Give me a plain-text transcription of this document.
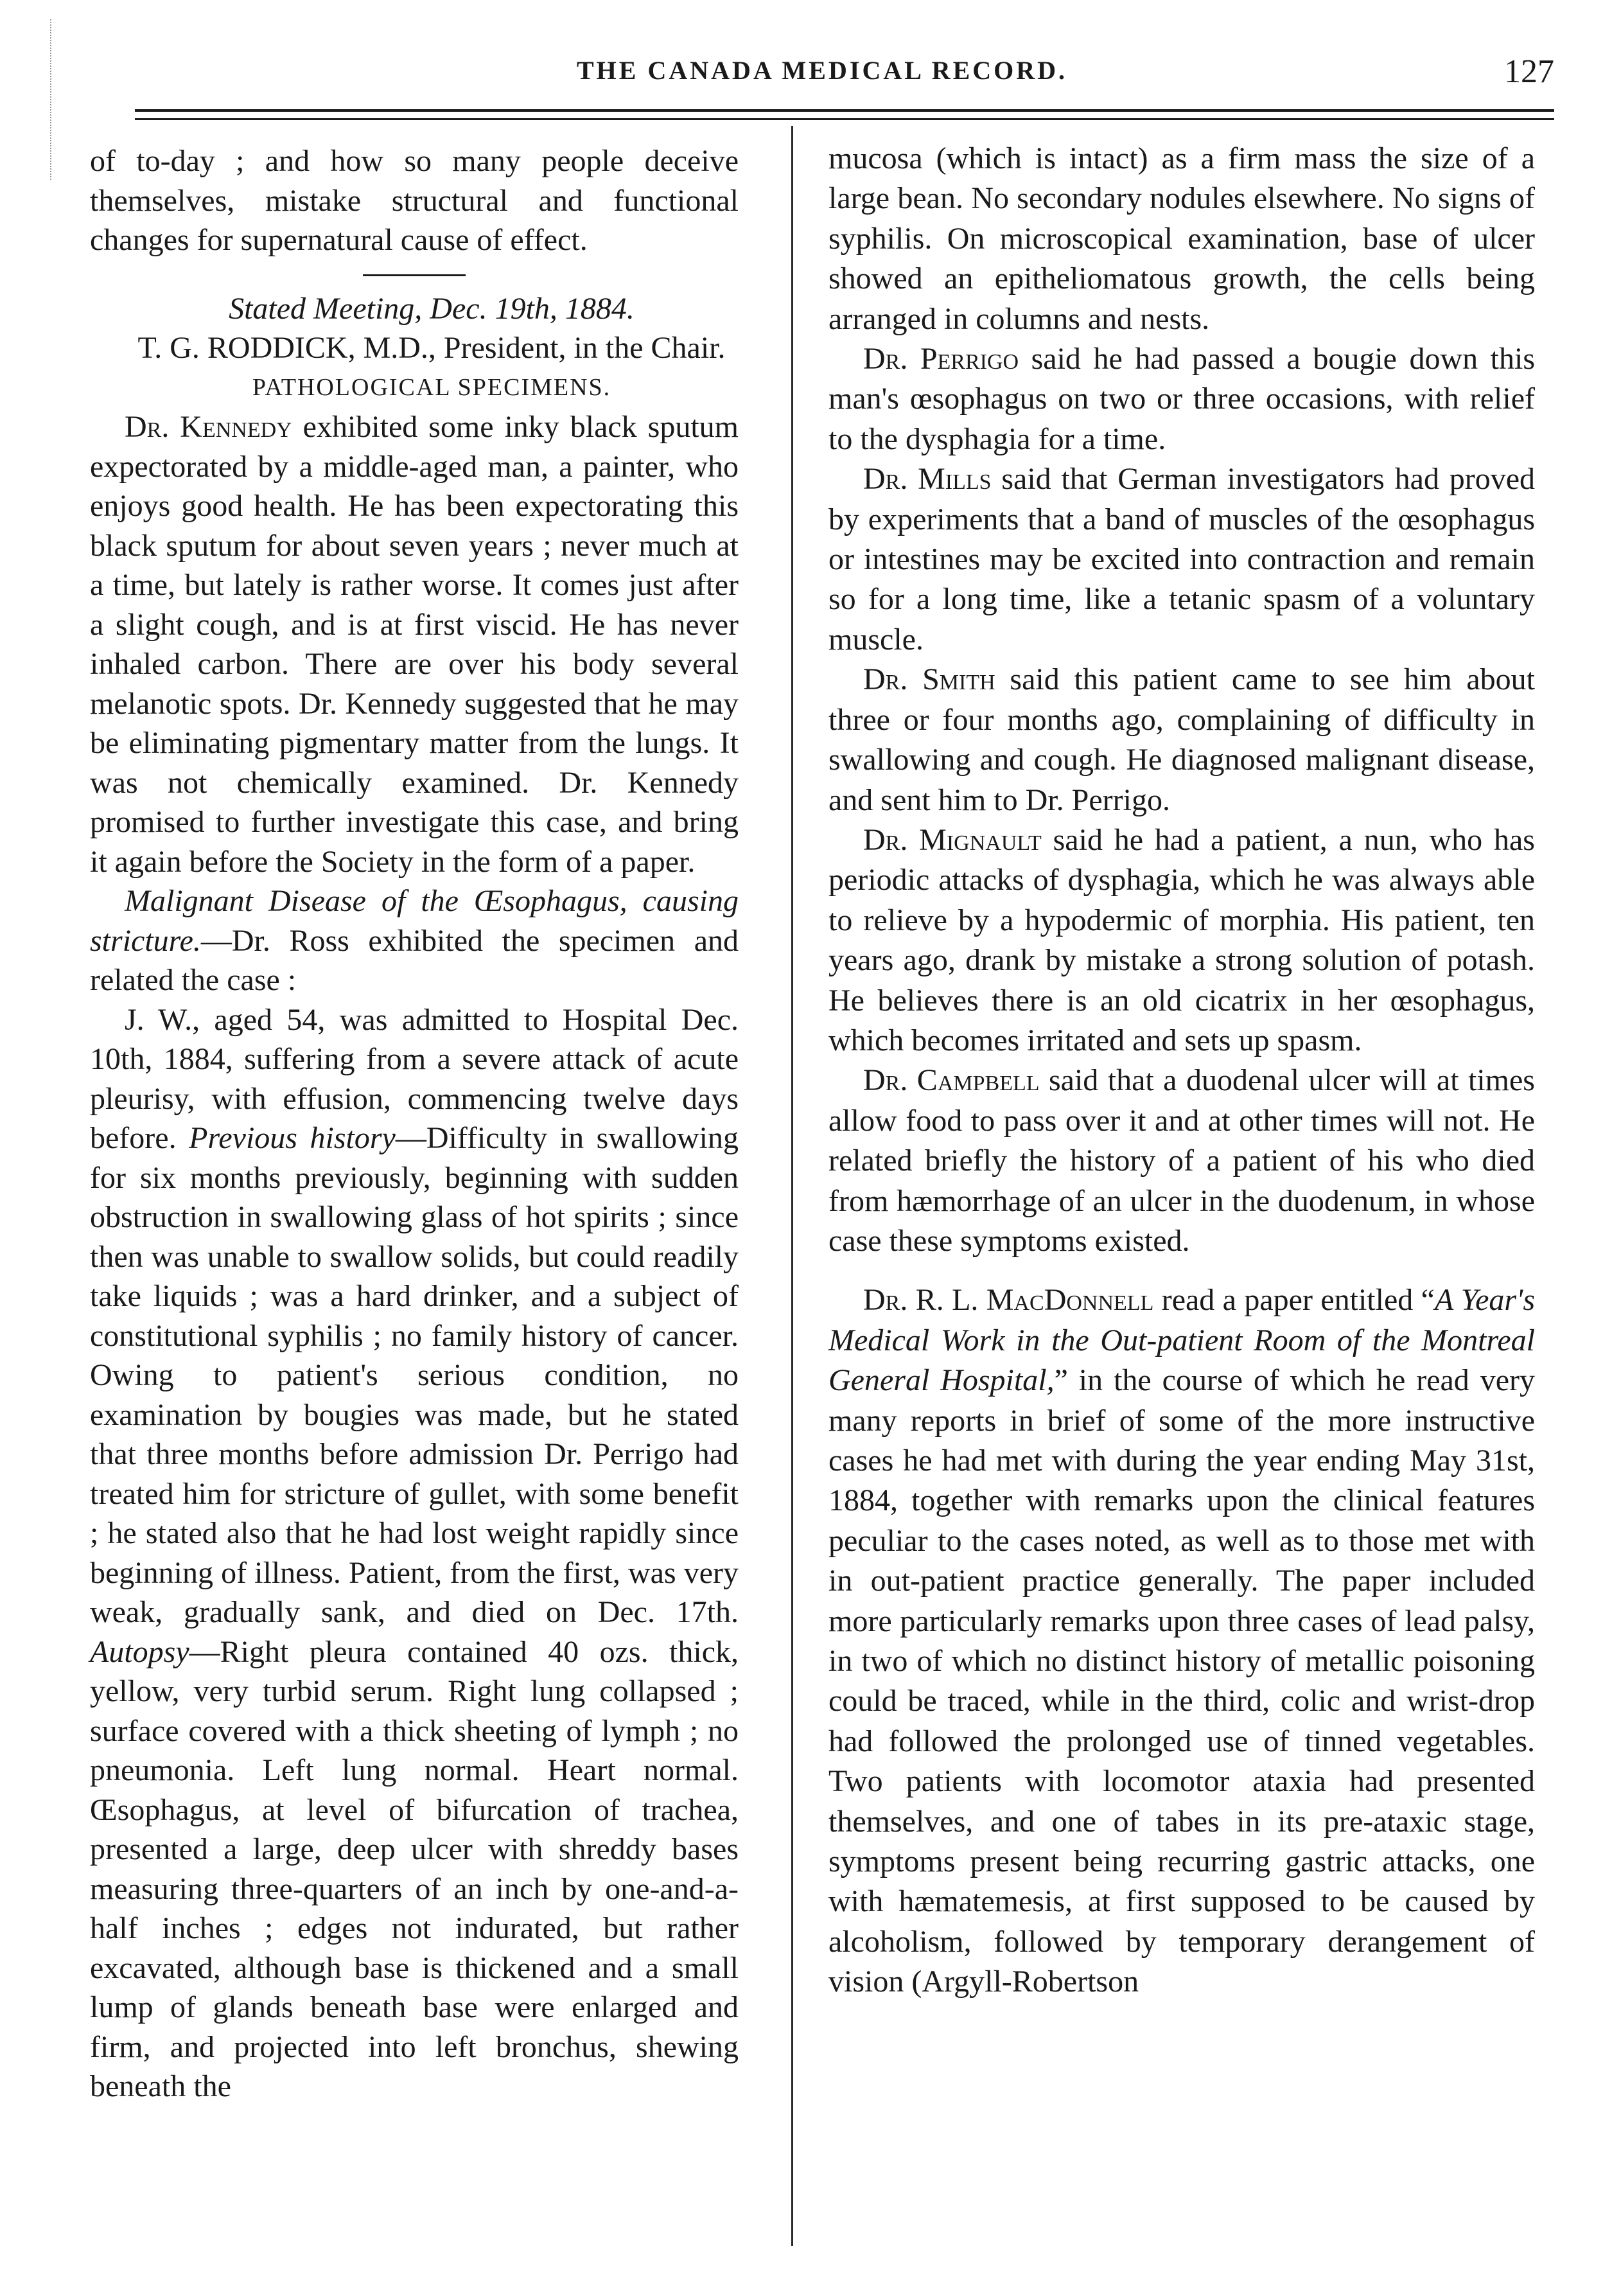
THE CANADA MEDICAL RECORD.	127

of to-day ; and how so many people deceive themselves, mistake structural and functional changes for supernatural cause of effect.

Stated Meeting, Dec. 19th, 1884.

T. G. RODDICK, M.D., President, in the Chair.

PATHOLOGICAL SPECIMENS.

Dr. Kennedy exhibited some inky black sputum expectorated by a middle-aged man, a painter, who enjoys good health. He has been expectorating this black sputum for about seven years ; never much at a time, but lately is rather worse. It comes just after a slight cough, and is at first viscid. He has never inhaled carbon. There are over his body several melanotic spots. Dr. Kennedy suggested that he may be eliminating pigmentary matter from the lungs. It was not chemically examined. Dr. Kennedy promised to further investigate this case, and bring it again before the Society in the form of a paper.

Malignant Disease of the Œsophagus, causing stricture.—Dr. Ross exhibited the specimen and related the case :

J. W., aged 54, was admitted to Hospital Dec. 10th, 1884, suffering from a severe attack of acute pleurisy, with effusion, commencing twelve days before. Previous history—Difficulty in swallowing for six months previously, beginning with sudden obstruction in swallowing glass of hot spirits ; since then was unable to swallow solids, but could readily take liquids ; was a hard drinker, and a subject of constitutional syphilis ; no family history of cancer. Owing to patient's serious condition, no examination by bougies was made, but he stated that three months before admission Dr. Perrigo had treated him for stricture of gullet, with some benefit ; he stated also that he had lost weight rapidly since beginning of illness. Patient, from the first, was very weak, gradually sank, and died on Dec. 17th. Autopsy—Right pleura contained 40 ozs. thick, yellow, very turbid serum. Right lung collapsed ; surface covered with a thick sheeting of lymph ; no pneumonia. Left lung normal. Heart normal. Œsophagus, at level of bifurcation of trachea, presented a large, deep ulcer with shreddy bases measuring three-quarters of an inch by one-and-a-half inches ; edges not indurated, but rather excavated, although base is thickened and a small lump of glands beneath base were enlarged and firm, and projected into left bronchus, shewing beneath the

mucosa (which is intact) as a firm mass the size of a large bean. No secondary nodules elsewhere. No signs of syphilis. On microscopical examination, base of ulcer showed an epitheliomatous growth, the cells being arranged in columns and nests.

Dr. Perrigo said he had passed a bougie down this man's œsophagus on two or three occasions, with relief to the dysphagia for a time.

Dr. Mills said that German investigators had proved by experiments that a band of muscles of the œsophagus or intestines may be excited into contraction and remain so for a long time, like a tetanic spasm of a voluntary muscle.

Dr. Smith said this patient came to see him about three or four months ago, complaining of difficulty in swallowing and cough. He diagnosed malignant disease, and sent him to Dr. Perrigo.

Dr. Mignault said he had a patient, a nun, who has periodic attacks of dysphagia, which he was always able to relieve by a hypodermic of morphia. His patient, ten years ago, drank by mistake a strong solution of potash. He believes there is an old cicatrix in her œsophagus, which becomes irritated and sets up spasm.

Dr. Campbell said that a duodenal ulcer will at times allow food to pass over it and at other times will not. He related briefly the history of a patient of his who died from hæmorrhage of an ulcer in the duodenum, in whose case these symptoms existed.

Dr. R. L. MacDonnell read a paper entitled “A Year's Medical Work in the Out-patient Room of the Montreal General Hospital,” in the course of which he read very many reports in brief of some of the more instructive cases he had met with during the year ending May 31st, 1884, together with remarks upon the clinical features peculiar to the cases noted, as well as to those met with in out-patient practice generally. The paper included more particularly remarks upon three cases of lead palsy, in two of which no distinct history of metallic poisoning could be traced, while in the third, colic and wrist-drop had followed the prolonged use of tinned vegetables. Two patients with locomotor ataxia had presented themselves, and one of tabes in its pre-ataxic stage, symptoms present being recurring gastric attacks, one with hæmatemesis, at first supposed to be caused by alcoholism, followed by temporary derangement of vision (Argyll-Robertson
